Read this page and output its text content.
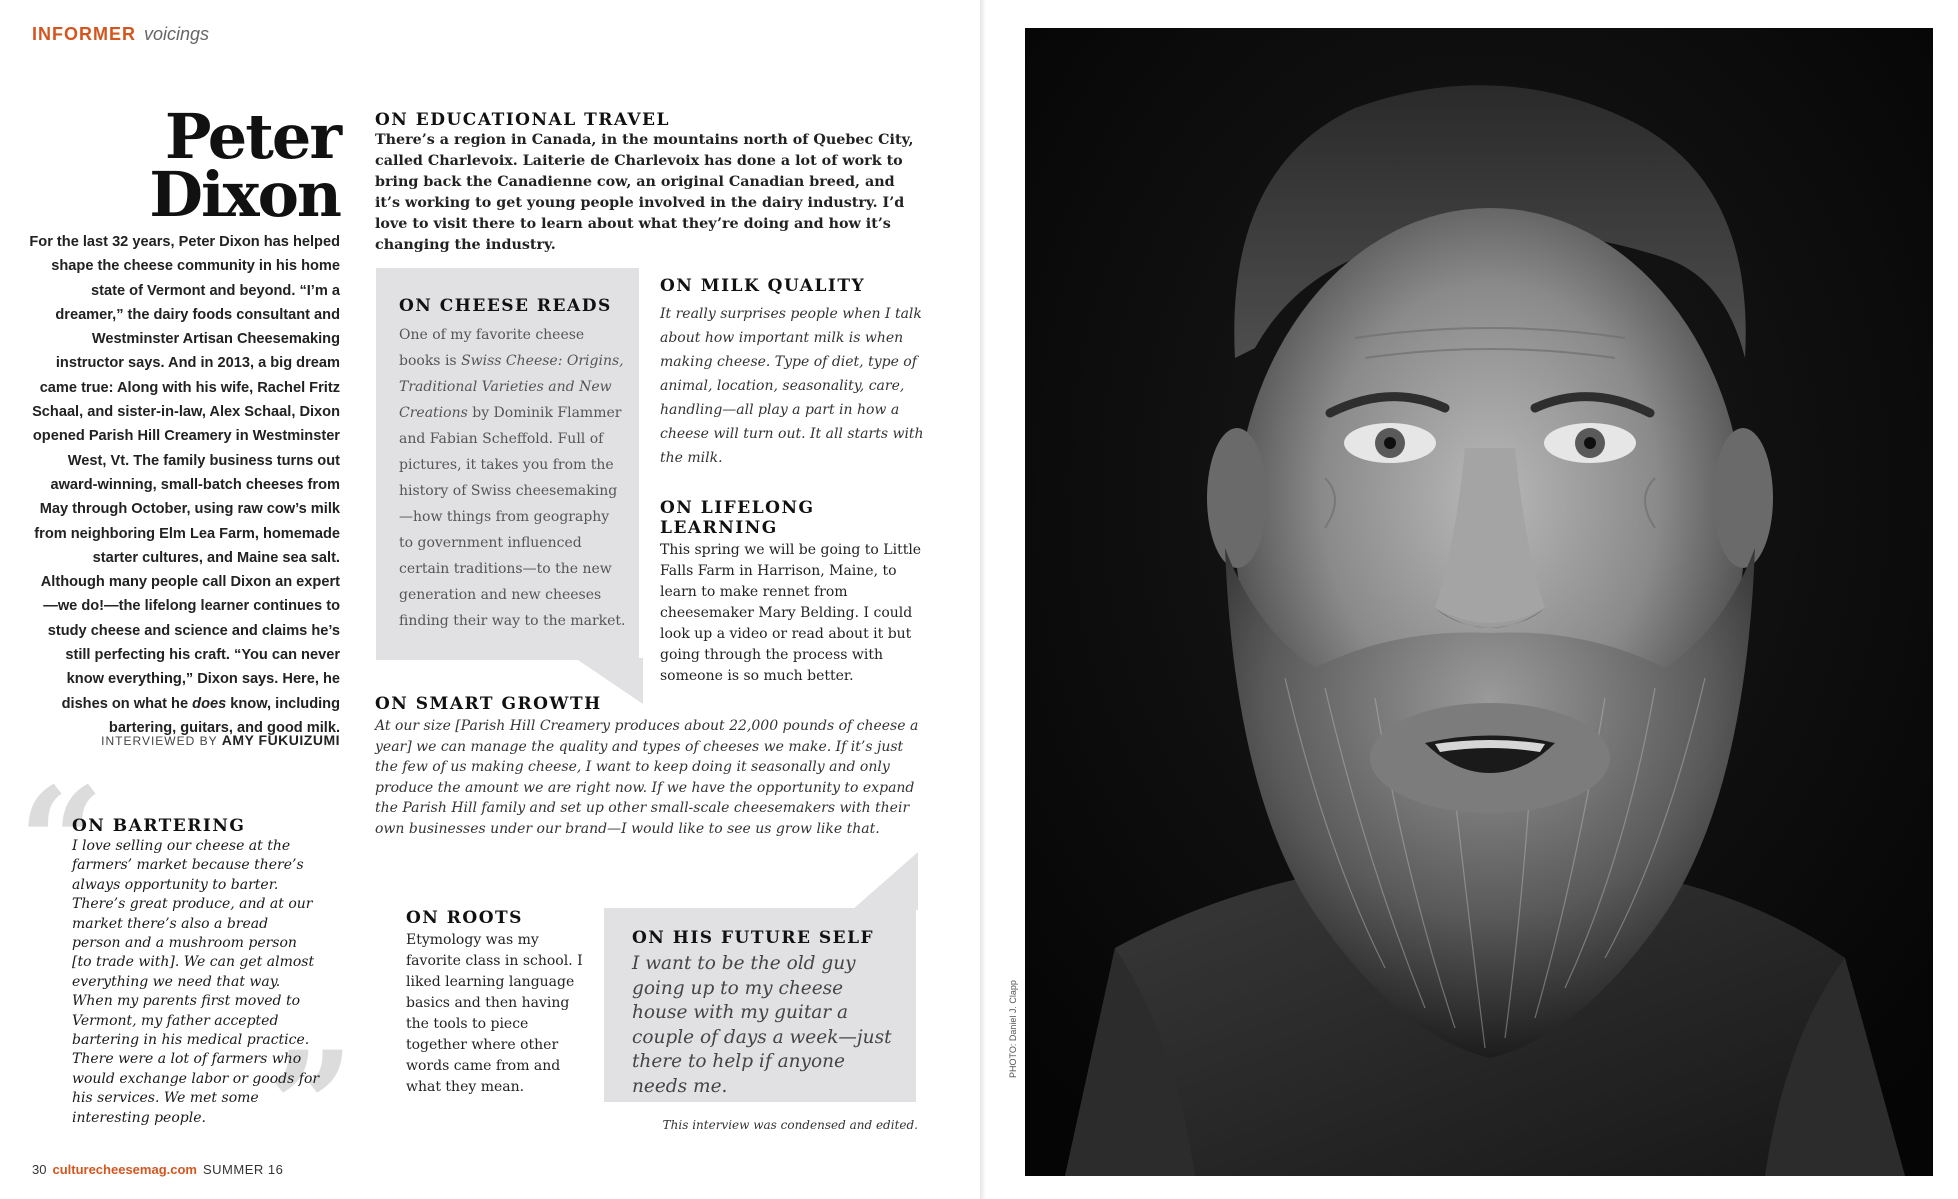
INFORMER voicings
Peter
Dixon
For the last 32 years, Peter Dixon has helped shape the cheese community in his home state of Vermont and beyond. “I’m a dreamer,” the dairy foods consultant and Westminster Artisan Cheesemaking instructor says. And in 2013, a big dream came true: Along with his wife, Rachel Fritz Schaal, and sister-in-law, Alex Schaal, Dixon opened Parish Hill Creamery in Westminster West, Vt. The family business turns out award-winning, small-batch cheeses from May through October, using raw cow’s milk from neighboring Elm Lea Farm, homemade starter cultures, and Maine sea salt. Although many people call Dixon an expert—we do!—the lifelong learner continues to study cheese and science and claims he’s still perfecting his craft. “You can never know everything,” Dixon says. Here, he dishes on what he does know, including bartering, guitars, and good milk.
INTERVIEWED BY AMY FUKUIZUMI

ON EDUCATIONAL TRAVEL

There’s a region in Canada, in the mountains north of Quebec City, called Charlevoix. Laiterie de Charlevoix has done a lot of work to bring back the Canadienne cow, an original Canadian breed, and it’s working to get young people involved in the dairy industry. I’d love to visit there to learn about what they’re doing and how it’s changing the industry.

ON CHEESE READS

One of my favorite cheese books is Swiss Cheese: Origins, Traditional Varieties and New Creations by Dominik Flammer and Fabian Scheffold. Full of pictures, it takes you from the history of Swiss cheesemaking —how things from geography to government influenced certain traditions—to the new generation and new cheeses finding their way to the market.

ON MILK QUALITY

It really surprises people when I talk about how important milk is when making cheese. Type of diet, type of animal, location, seasonality, care, handling—all play a part in how a cheese will turn out. It all starts with the milk.

ON LIFELONG LEARNING

This spring we will be going to Little Falls Farm in Harrison, Maine, to learn to make rennet from cheesemaker Mary Belding. I could look up a video or read about it but going through the process with someone is so much better.

ON SMART GROWTH

At our size [Parish Hill Creamery produces about 22,000 pounds of cheese a year] we can manage the quality and types of cheeses we make. If it’s just the few of us making cheese, I want to keep doing it seasonally and only produce the amount we are right now. If we have the opportunity to expand the Parish Hill family and set up other small-scale cheesemakers with their own businesses under our brand—I would like to see us grow like that.

“
”

ON BARTERING

I love selling our cheese at the farmers’ market because there’s always opportunity to barter. There’s great produce, and at our market there’s also a bread person and a mushroom person [to trade with]. We can get almost everything we need that way. When my parents first moved to Vermont, my father accepted bartering in his medical practice. There were a lot of farmers who would exchange labor or goods for his services. We met some interesting people.

ON ROOTS

Etymology was my favorite class in school. I liked learning language basics and then having the tools to piece together where other words came from and what they mean.

ON HIS FUTURE SELF

I want to be the old guy going up to my cheese house with my guitar a couple of days a week—just there to help if anyone needs me.

This interview was condensed and edited.
30 culturecheesemag.com SUMMER 16
PHOTO: Daniel J. Clapp
